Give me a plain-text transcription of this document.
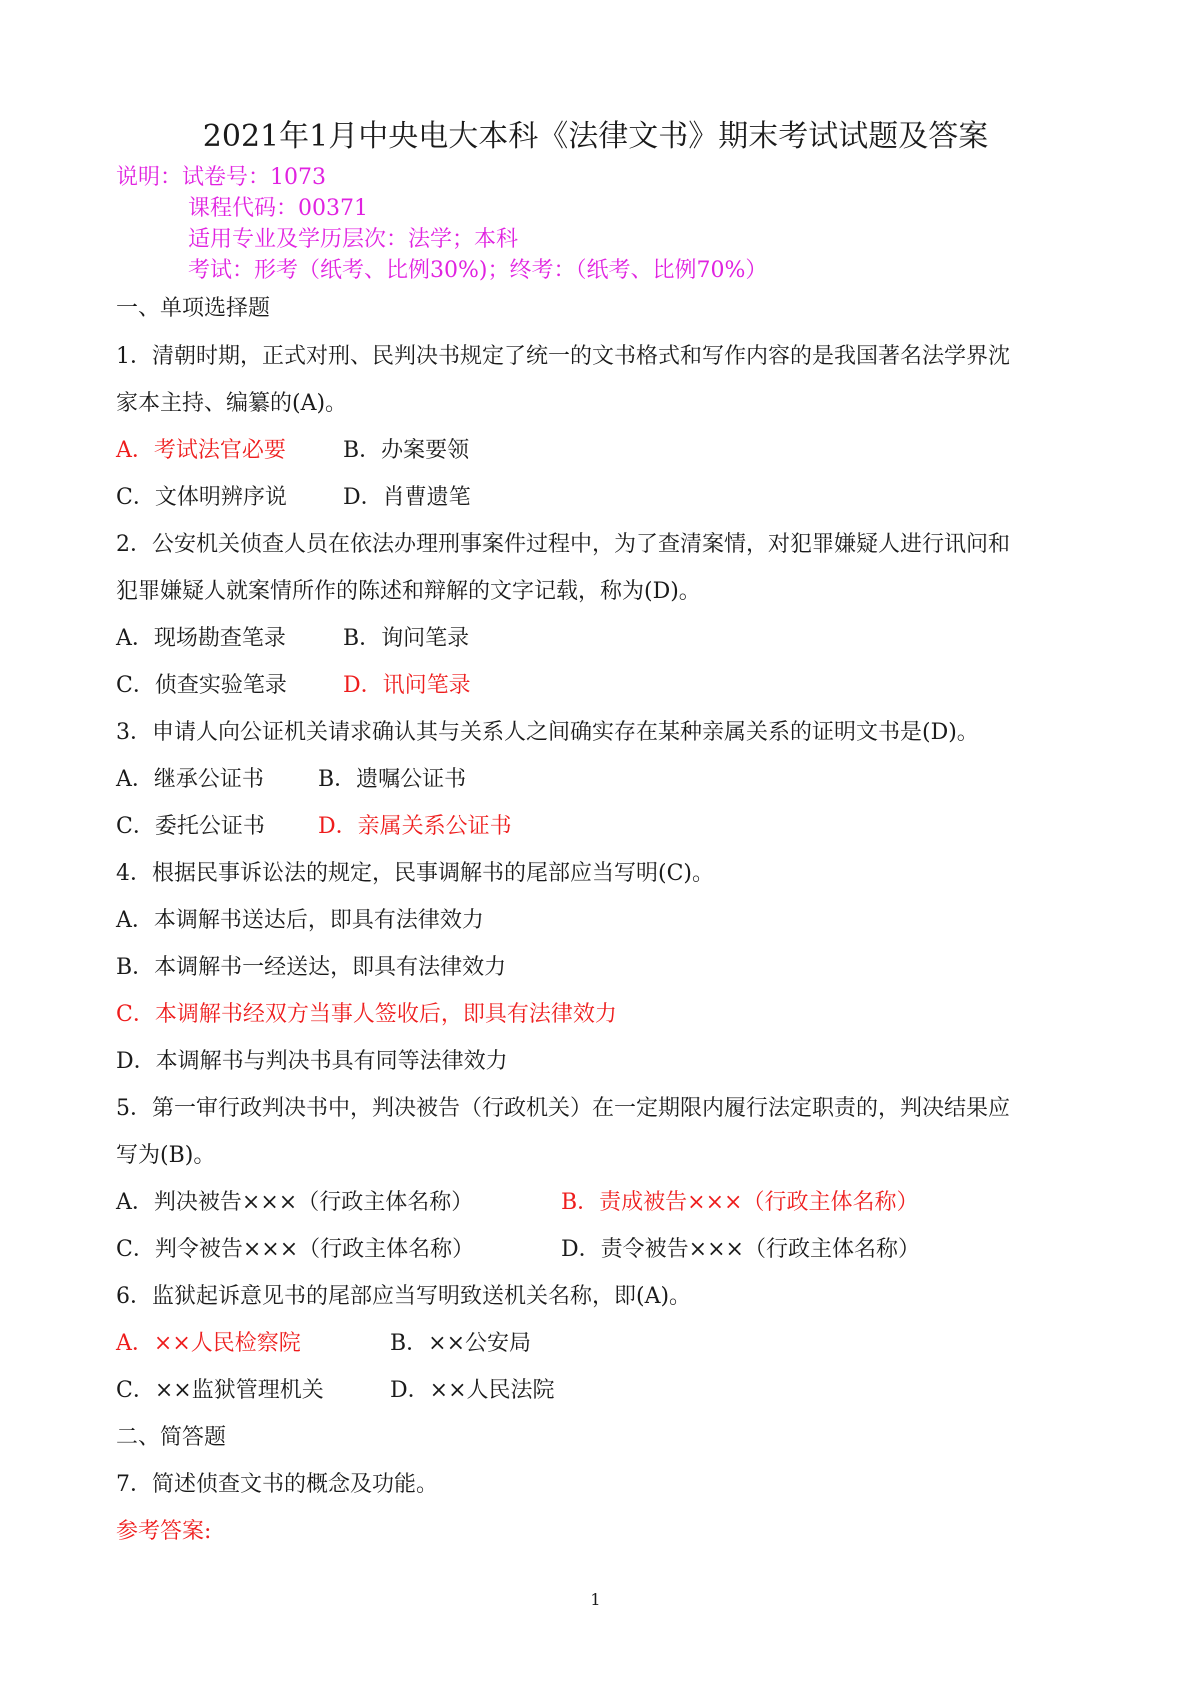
2021年1月中央电大本科《法律文书》期末考试试题及答案
说明：试卷号：1073
课程代码：00371
适用专业及学历层次：法学；本科
考试：形考（纸考、比例30%)；终考：（纸考、比例70%）
一、单项选择题
1．清朝时期，正式对刑、民判决书规定了统一的文书格式和写作内容的是我国著名法学界沈
家本主持、编纂的(A)。
A．考试法官必要	B．办案要领
C．文体明辨序说	D．肖曹遗笔
2．公安机关侦查人员在依法办理刑事案件过程中，为了查清案情，对犯罪嫌疑人进行讯问和
犯罪嫌疑人就案情所作的陈述和辩解的文字记载，称为(D)。
A．现场勘查笔录	B．询问笔录
C．侦查实验笔录	D．讯问笔录
3．申请人向公证机关请求确认其与关系人之间确实存在某种亲属关系的证明文书是(D)。
A．继承公证书 B．遗嘱公证书
C．委托公证书 D．亲属关系公证书
4．根据民事诉讼法的规定，民事调解书的尾部应当写明(C)。
A．本调解书送达后，即具有法律效力
B．本调解书一经送达，即具有法律效力
C．本调解书经双方当事人签收后，即具有法律效力
D．本调解书与判决书具有同等法律效力
5．第一审行政判决书中，判决被告（行政机关）在一定期限内履行法定职责的，判决结果应
写为(B)。
A．判决被告×××（行政主体名称）	B．责成被告×××（行政主体名称）
C．判令被告×××（行政主体名称）	D．责令被告×××（行政主体名称）
6．监狱起诉意见书的尾部应当写明致送机关名称，即(A)。
A．××人民检察院	B．××公安局
C．××监狱管理机关	D．××人民法院
二、简答题
7．简述侦查文书的概念及功能。
参考答案:
1
